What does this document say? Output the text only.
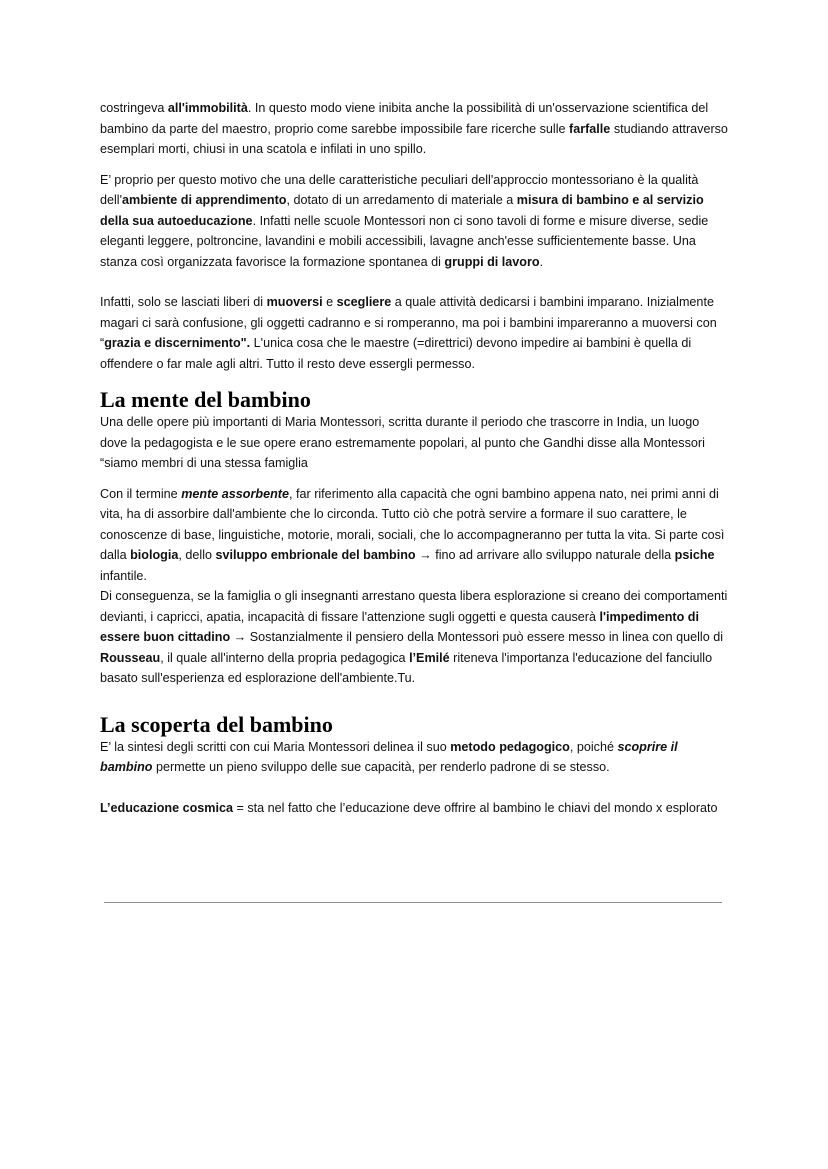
costringeva all'immobilità. In questo modo viene inibita anche la possibilità di un'osservazione scientifica del bambino da parte del maestro, proprio come sarebbe impossibile fare ricerche sulle farfalle studiando attraverso esemplari morti, chiusi in una scatola e infilati in uno spillo.

E’ proprio per questo motivo che una delle caratteristiche peculiari dell'approccio montessoriano è la qualità dell'ambiente di apprendimento, dotato di un arredamento di materiale a misura di bambino e al servizio della sua autoeducazione. Infatti nelle scuole Montessori non ci sono tavoli di forme e misure diverse, sedie eleganti leggere, poltroncine, lavandini e mobili accessibili, lavagne anch'esse sufficientemente basse. Una stanza così organizzata favorisce la formazione spontanea di gruppi di lavoro.

Infatti, solo se lasciati liberi di muoversi e scegliere a quale attività dedicarsi i bambini imparano. Inizialmente magari ci sarà confusione, gli oggetti cadranno e si romperanno, ma poi i bambini impareranno a muoversi con “grazia e discernimento". L'unica cosa che le maestre (=direttrici) devono impedire ai bambini è quella di offendere o far male agli altri. Tutto il resto deve essergli permesso.

La mente del bambino

Una delle opere più importanti di Maria Montessori, scritta durante il periodo che trascorre in India, un luogo dove la pedagogista e le sue opere erano estremamente popolari, al punto che Gandhi disse alla Montessori “siamo membri di una stessa famiglia

Con il termine mente assorbente, far riferimento alla capacità che ogni bambino appena nato, nei primi anni di vita, ha di assorbire dall'ambiente che lo circonda. Tutto ciò che potrà servire a formare il suo carattere, le conoscenze di base, linguistiche, motorie, morali, sociali, che lo accompagneranno per tutta la vita. Si parte così dalla biologia, dello sviluppo embrionale del bambino → fino ad arrivare allo sviluppo naturale della psiche infantile.

Di conseguenza, se la famiglia o gli insegnanti arrestano questa libera esplorazione si creano dei comportamenti devianti, i capricci, apatia, incapacità di fissare l'attenzione sugli oggetti e questa causerà l'impedimento di essere buon cittadino → Sostanzialmente il pensiero della Montessori può essere messo in linea con quello di Rousseau, il quale all'interno della propria pedagogica l’Emilé riteneva l'importanza l'educazione del fanciullo basato sull'esperienza ed esplorazione dell'ambiente.Tu.

La scoperta del bambino

E’ la sintesi degli scritti con cui Maria Montessori delinea il suo metodo pedagogico, poiché scoprire il bambino permette un pieno sviluppo delle sue capacità, per renderlo padrone di se stesso.

L’educazione cosmica = sta nel fatto che l’educazione deve offrire al bambino le chiavi del mondo x esplorato
